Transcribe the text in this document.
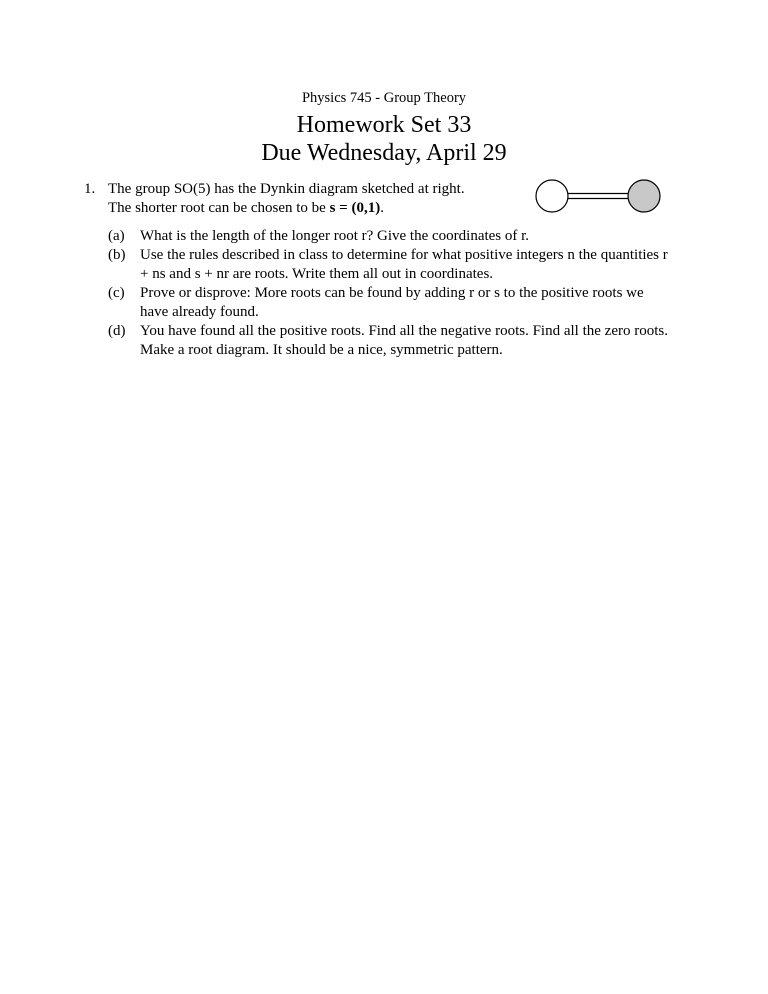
Physics 745 - Group Theory
Homework Set 33
Due Wednesday, April 29
1. The group SO(5) has the Dynkin diagram sketched at right.
The shorter root can be chosen to be s = (0,1).
(a) What is the length of the longer root r? Give the coordinates of r.
(b) Use the rules described in class to determine for what positive integers n the quantities r + ns and s + nr are roots. Write them all out in coordinates.
(c) Prove or disprove: More roots can be found by adding r or s to the positive roots we have already found.
(d) You have found all the positive roots. Find all the negative roots. Find all the zero roots. Make a root diagram. It should be a nice, symmetric pattern.
